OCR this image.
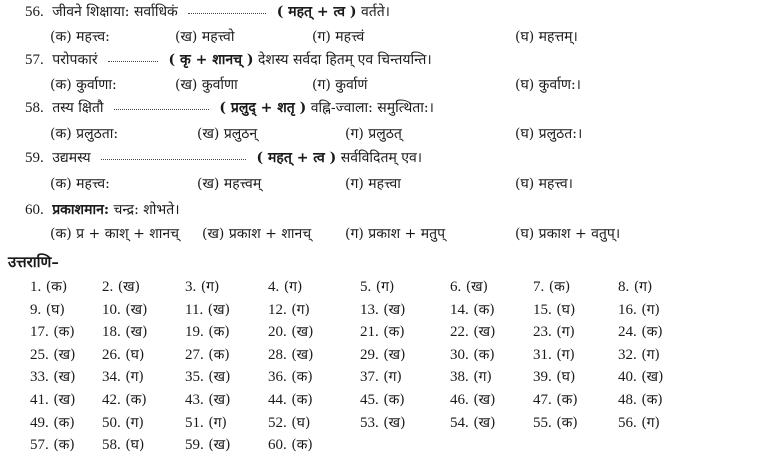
56. जीवने शिक्षाया: सर्वाधिकं	( महत् + त्व ) वर्तते।
(क) महत्त्व:	(ख) महत्त्वो	(ग) महत्त्वं	(घ) महत्तम्।
57. परोपकारं	( कृ + शानच् ) देशस्य सर्वदा हितम् एव चिन्तयन्ति।
(क) कुर्वाणा:	(ख) कुर्वाणा	(ग) कुर्वाणं	(घ) कुर्वाण:।
58. तस्य क्षितौ	( प्रलुद् + शतृ ) वह्नि-ज्वाला: समुत्थिता:।
(क) प्रलुठता:	(ख) प्रलुठन्	(ग) प्रलुठत्	(घ) प्रलुठत:।
59. उद्यमस्य	( महत् + त्व ) सर्वविदितम् एव।
(क) महत्त्व:	(ख) महत्त्वम्	(ग) महत्त्वा	(घ) महत्त्व।
60. प्रकाशमान: चन्द्र: शोभते।
(क) प्र + काश् + शानच् (ख) प्रकाश + शानच् (ग) प्रकाश + मतुप्	(घ) प्रकाश + वतुप्।
उत्तराणि–
1. (क) 2. (ख)	3. (ग)	4. (ग)	5. (ग)	6. (ख)	7. (क)	8. (ग)
9. (घ) 10. (ख) 11. (ख)	12. (ग)	13. (ख)	14. (क)	15. (घ)	16. (ग)
17. (क) 18. (ख) 19. (क)	20. (ख)	21. (क)	22. (ख) 23. (ग)	24. (क)
25. (ख) 26. (घ)	27. (क)	28. (ख)	29. (ख)	30. (क)	31. (ग)	32. (ग)
33. (ख) 34. (ग)	35. (ख) 36. (क)	37. (ग)	38. (ग)	39. (घ)	40. (ख)
41. (ख) 42. (क)	43. (ख) 44. (क)	45. (क)	46. (ख) 47. (क)	48. (क)
49. (क) 50. (ग)	51. (ग)	52. (घ)	53. (ख)	54. (ख) 55. (क)	56. (ग)
57. (क) 58. (घ)	59. (ख) 60. (क)
